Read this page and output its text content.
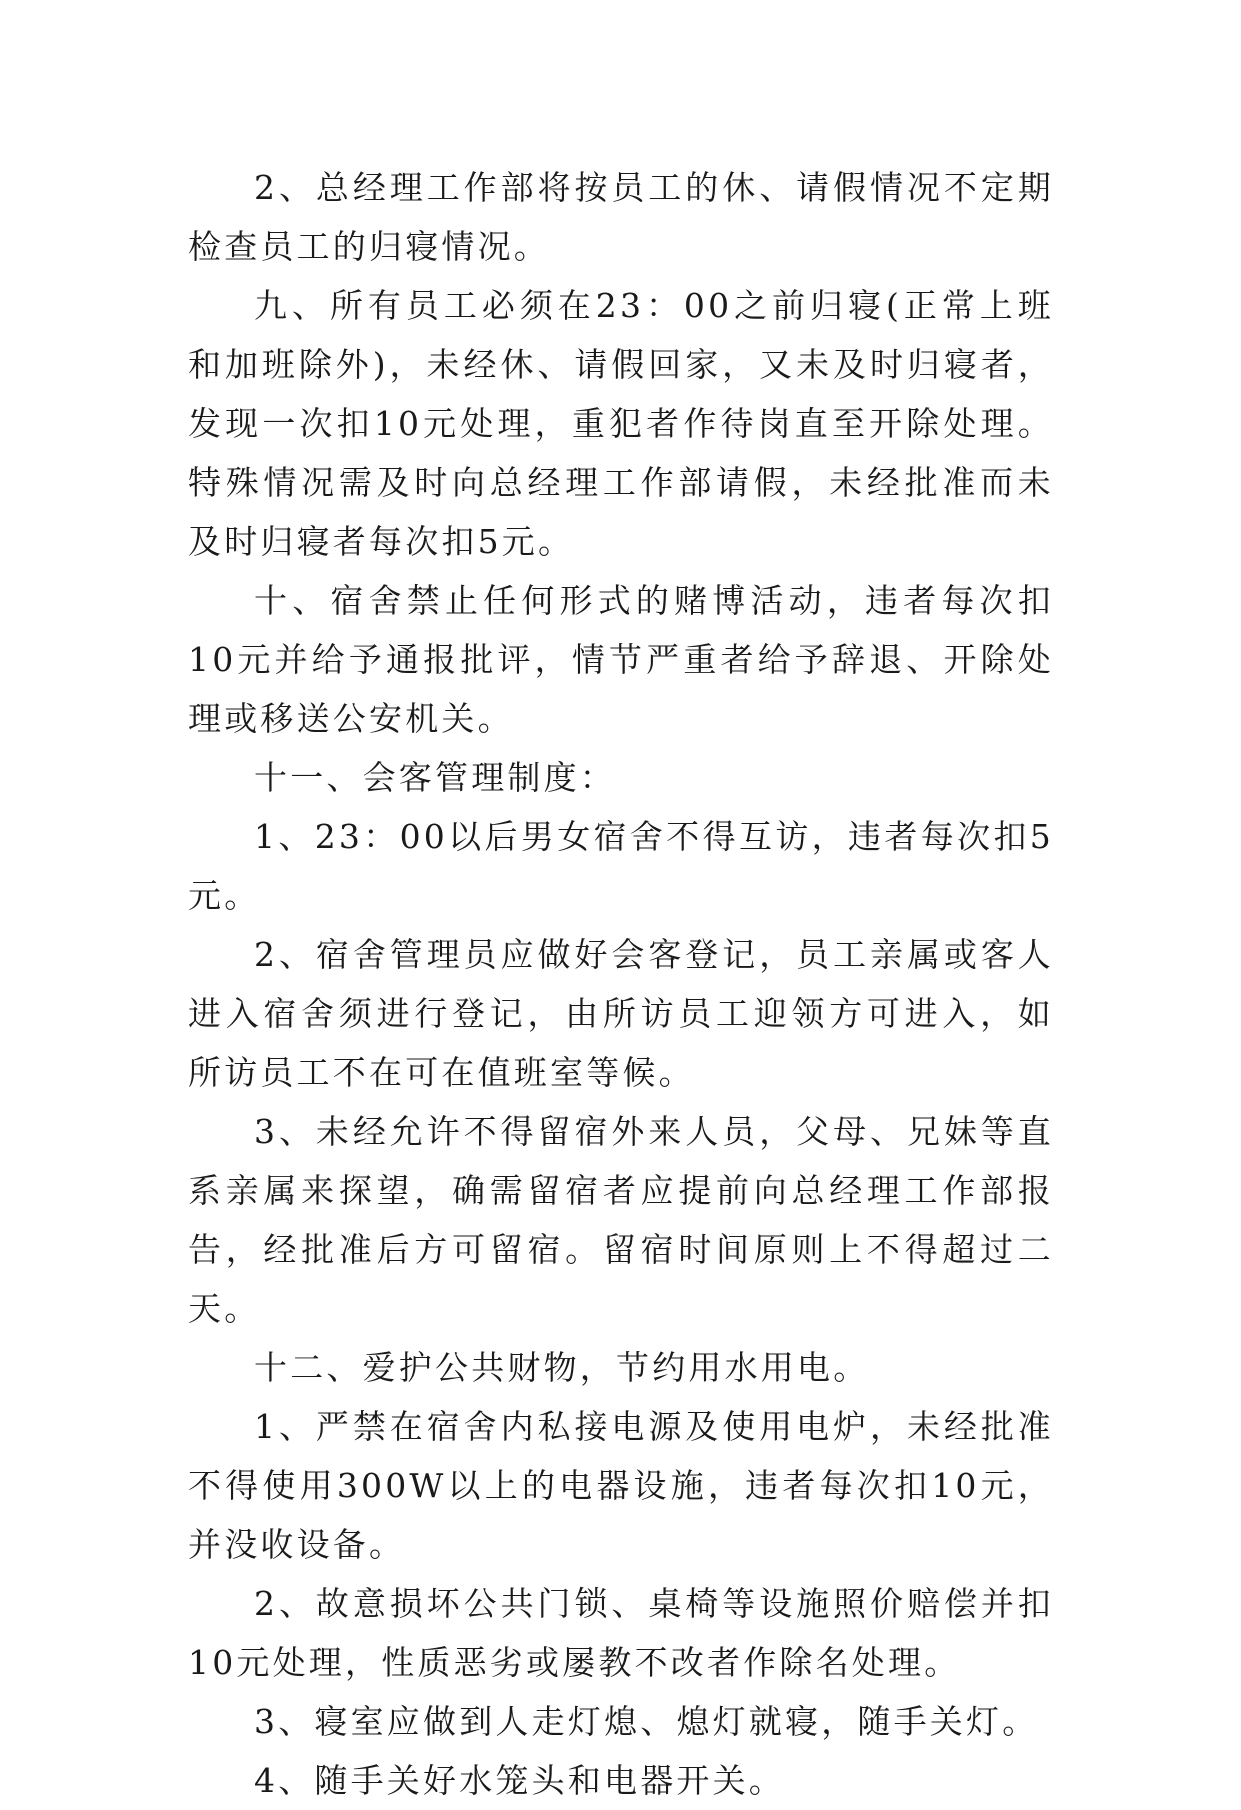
2、总经理工作部将按员工的休、请假情况不定期检查员工的归寝情况。

九、所有员工必须在23：00之前归寝(正常上班和加班除外)，未经休、请假回家，又未及时归寝者，发现一次扣10元处理，重犯者作待岗直至开除处理。特殊情况需及时向总经理工作部请假，未经批准而未及时归寝者每次扣5元。

十、宿舍禁止任何形式的赌博活动，违者每次扣10元并给予通报批评，情节严重者给予辞退、开除处理或移送公安机关。

十一、会客管理制度：

1、23：00以后男女宿舍不得互访，违者每次扣5元。

2、宿舍管理员应做好会客登记，员工亲属或客人进入宿舍须进行登记，由所访员工迎领方可进入，如所访员工不在可在值班室等候。

3、未经允许不得留宿外来人员，父母、兄妹等直系亲属来探望，确需留宿者应提前向总经理工作部报告，经批准后方可留宿。留宿时间原则上不得超过二天。

十二、爱护公共财物，节约用水用电。

1、严禁在宿舍内私接电源及使用电炉，未经批准不得使用300W以上的电器设施，违者每次扣10元，并没收设备。

2、故意损坏公共门锁、桌椅等设施照价赔偿并扣10元处理，性质恶劣或屡教不改者作除名处理。

3、寝室应做到人走灯熄、熄灯就寝，随手关灯。

4、随手关好水笼头和电器开关。
